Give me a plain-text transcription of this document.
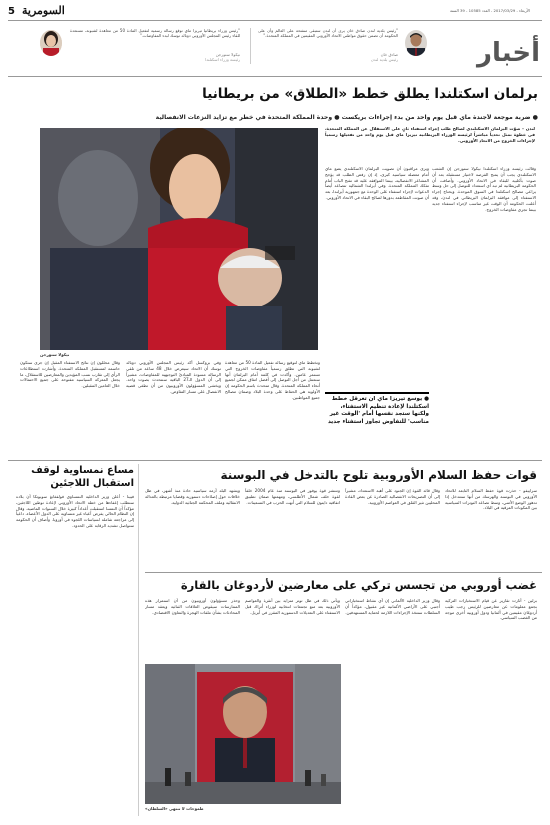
5 السومرية	الأربعاء - 2017/03/29 - العدد 10585 - 39 السنة
"رئيس وزراء بريطانيا تيريزا ماي توقع رسالة رسمية لتفعيل المادة 50 من معاهدة لشبونة، مستعدة للقاء رئيس المجلس الأوروبي دونالد توسك لبدء المفاوضات."
نيكولا ستورجن
رئيسة وزراء اسكتلندا
"رئيس بلدية لندن صادق خان يرى أن لندن ستبقى منفتحة على العالم وأن على الحكومة أن تضمن حقوق مواطني الاتحاد الأوروبي المقيمين في المملكة المتحدة."
صادق خان
رئيس بلدية لندن	أخبار
برلمان اسكتلندا يطلق خطط «الطلاق» من بريطانيا
● ضربة موجعة لأجندة ماي قبل يوم واحد من بدء إجراءات بريكست ● وحدة المملكة المتحدة في خطر مع تزايد النزعات الانفصالية
لندن - صوّت البرلمان الاسكتلندي لصالح طلب إجراء استفتاء ثانٍ على الاستقلال عن المملكة المتحدة، في خطوة تمثل تحدياً مباشراً لرئيسة الوزراء البريطانية تيريزا ماي قبل يوم واحد من تفعيلها رسمياً لإجراءات الخروج من الاتحاد الأوروبي.
نيكولا ستورجن
وقالت رئيسة وزراء اسكتلندا نيكولا ستورجن إن الشعب الاسكتلندي يجب أن يمنح الفرصة لاختيار مستقبله بعد أن صوت بأغلبية للبقاء في الاتحاد الأوروبي. وأضافت أن الحكومة البريطانية لم تبد أي استعداد للتوصل إلى حل وسط يراعي مصالح اسكتلندا في السوق الموحدة. ويحتاج إجراء الاستفتاء إلى موافقة البرلمان البريطاني في لندن، وقد أعلنت الحكومة أن الوقت غير مناسب لإجراء استفتاء جديد بينما تجري مفاوضات الخروج.
ويرى مراقبون أن تصويت البرلمان الاسكتلندي يضع ماي أمام معضلة سياسية كبرى، إذ إن رفض الطلب قد يؤجج المشاعر الانفصالية، بينما الموافقة عليه قد تفتح الباب أمام تفكك المملكة المتحدة. وفي أيرلندا الشمالية تتصاعد أيضاً الدعوات لإجراء استفتاء على الوحدة مع جمهورية أيرلندا، بعد أن صوتت المقاطعة بدورها لصالح البقاء في الاتحاد الأوروبي.
● يوسع تيريزا ماي أن تعرقل خطط اسكتلندا لإعادة تنظيم الاستفتاء، ولكنها ستجد نفسها أمام 'الوقت غير مناسب' للتفاوض تجاوز استفتاء جديد
وتخطط ماي لتوقيع رسالة تفعيل المادة 50 من معاهدة لشبونة التي تطلق رسمياً مفاوضات الخروج التي تستمر عامين. وأكدت في كلمة أمام البرلمان أنها ستعمل من أجل التوصل إلى أفضل اتفاق ممكن لجميع أنحاء المملكة المتحدة. وقال متحدث باسم الحكومة إن الأولوية هي الحفاظ على وحدة البلاد وضمان مصالح جميع المواطنين.
وفي بروكسل أكد رئيس المجلس الأوروبي دونالد توسك أن الاتحاد سيعرض خلال 48 ساعة من تلقي الرسالة مسودة المبادئ التوجيهية للمفاوضات، مشيراً إلى أن الدول الـ27 الباقية ستتحدث بصوت واحد. ويخشى المسؤولون الأوروبيون من أن تطغى قضية الانفصال على مسار التفاوض.
وقال محللون إن نتائج الاستفتاء المقبل إن جرى ستكون حاسمة لمستقبل المملكة المتحدة. وأشارت استطلاعات الرأي إلى تقارب نسب المؤيدين والمعارضين للاستقلال، ما يجعل المعركة السياسية مفتوحة على جميع الاحتمالات خلال العامين المقبلين.
مساع نمساوية لوقف استقبال اللاجئين
فيينا - أعلن وزير الداخلية النمساوي فولفغانغ سوبوتكا أن بلاده ستطلب إعفاءها من خطة الاتحاد الأوروبي لإعادة توطين اللاجئين، مؤكداً أن النمسا استقبلت أعداداً كبيرة خلال السنوات الماضية. وقال إن النظام الحالي يفرض أعباء غير متساوية على الدول الأعضاء، داعياً إلى مراجعة شاملة لسياسات اللجوء في أوروبا. وأضاف أن الحكومة ستواصل تشديد الرقابة على الحدود.
قوات حفظ السلام الأوروبية تلوح بالتدخل في البوسنة
سراييفو - حذرت قوة حفظ السلام التابعة للاتحاد الأوروبي في البوسنة والهرسك من أنها ستتدخل إذا تدهور الوضع الأمني، وسط تصاعد التوترات السياسية بين المكونات العرقية في البلاد.
وقال قائد القوة إن الجنود على أهبة الاستعداد، مشيراً إلى أن التصريحات الانفصالية الصادرة عن بعض القادة المحليين تثير القلق في العواصم الأوروبية.
وتنتشر قوة يوفور في البوسنة منذ عام 2004 خلفاً لقوة حلف شمال الأطلسي، ومهمتها ضمان تطبيق اتفاقية دايتون للسلام التي أنهت الحرب في التسعينات.
ويشهد البلد أزمة سياسية حادة منذ أشهر، في ظل خلافات حول إصلاحات دستورية وقضايا مرتبطة بالعدالة الانتقالية وملف المحكمة الجنائية الدولية.
غضب أوروبي من تجسس تركي على معارضين لأردوغان بالقارة
برلين - أثارت تقارير عن قيام الاستخبارات التركية بجمع معلومات عن معارضين للرئيس رجب طيب أردوغان مقيمين في ألمانيا ودول أوروبية أخرى موجة من الغضب السياسي.
وقال وزير الداخلية الألماني إن أي نشاط استخباراتي أجنبي على الأراضي الألمانية غير مقبول، مؤكداً أن السلطات ستتخذ الإجراءات اللازمة لحماية المستهدفين.
ويأتي ذلك في ظل توتر متزايد بين أنقرة والعواصم الأوروبية بعد منع تجمعات انتخابية لوزراء أتراك قبل الاستفتاء على التعديلات الدستورية المقرر في أبريل.
وحذر مسؤولون أوروبيون من أن استمرار هذه الممارسات سيقوض العلاقات الثنائية ويعقد مسار المحادثات بشأن ملفات الهجرة والتعاون الاقتصادي.
طموحات لا تنتهي «السلطان»
